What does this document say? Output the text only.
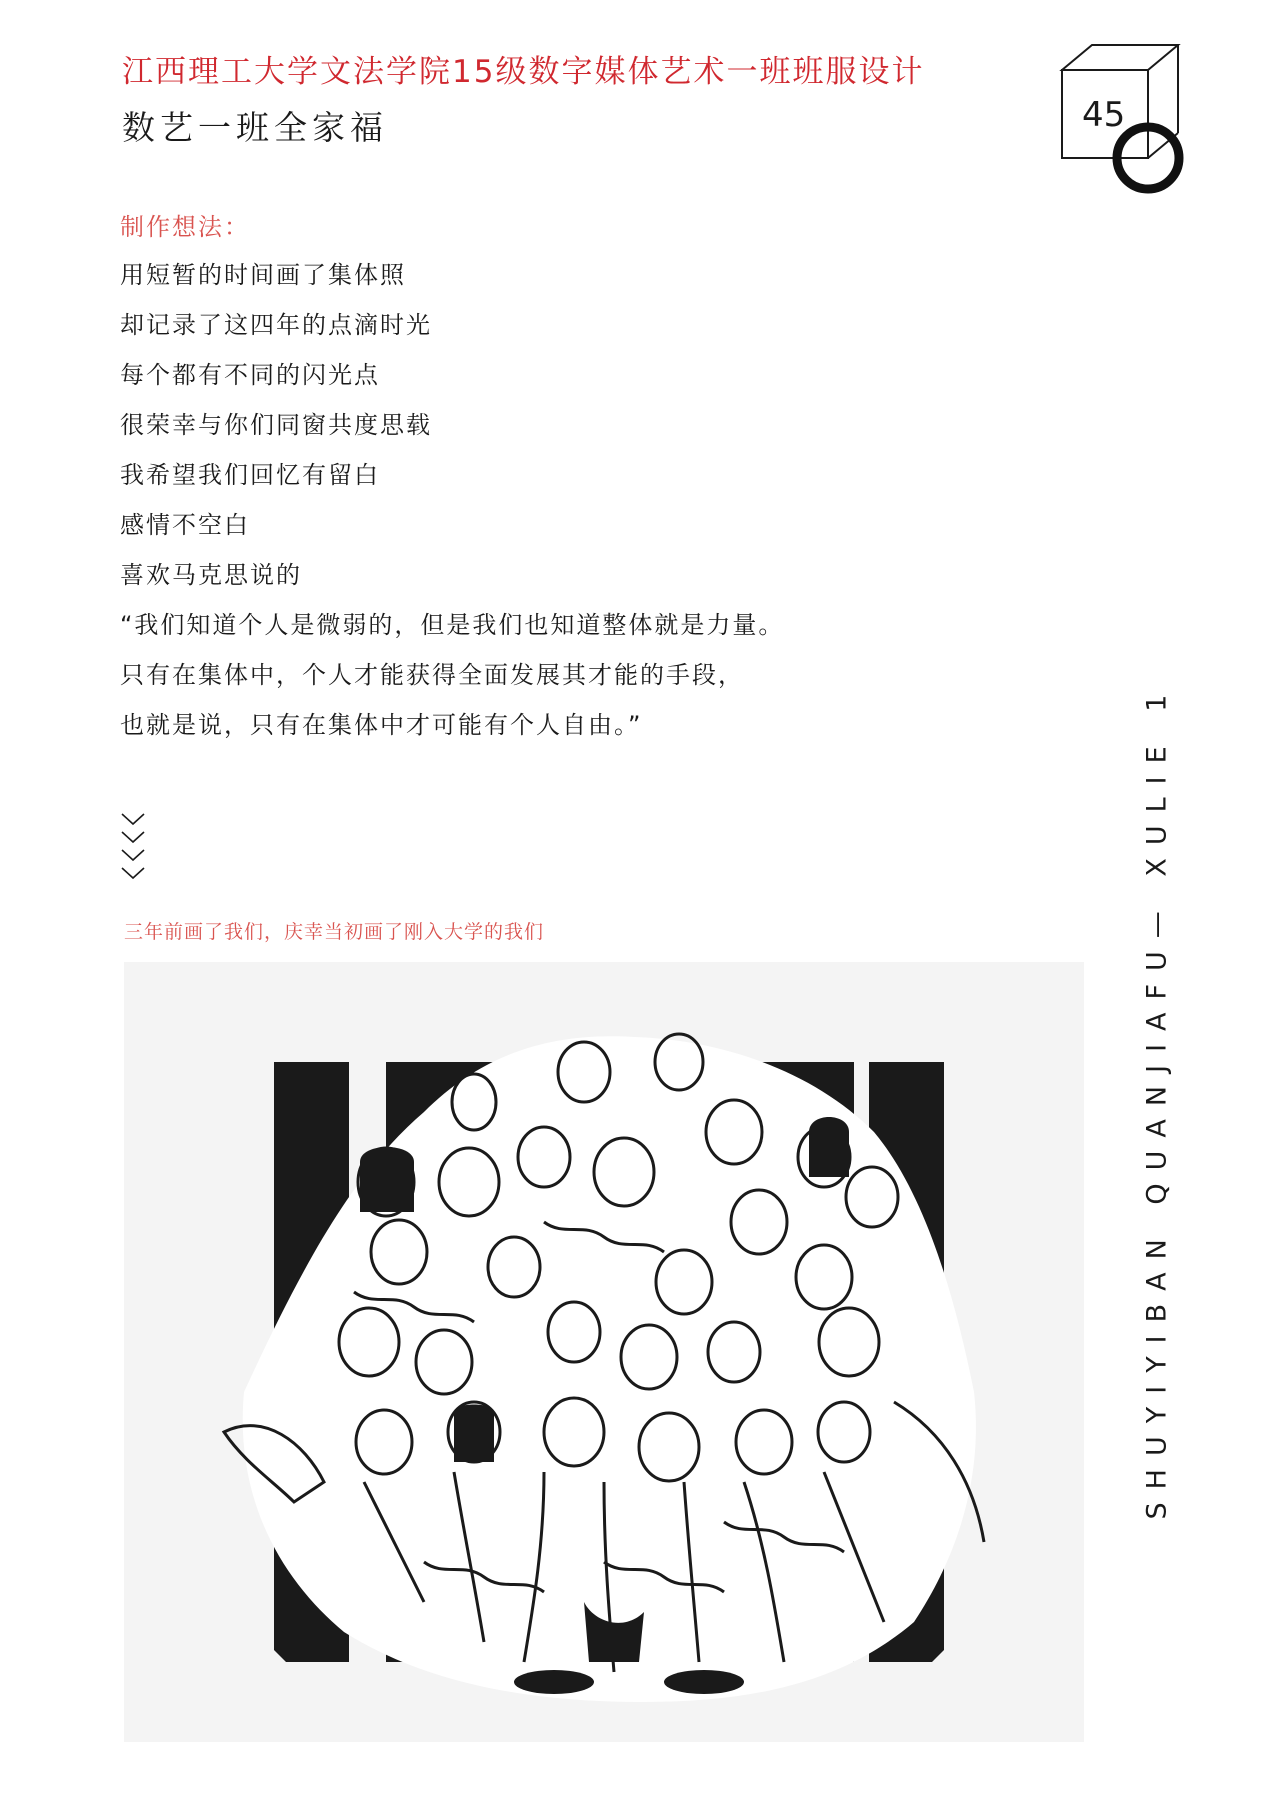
江西理工大学文法学院15级数字媒体艺术一班班服设计
数艺一班全家福	45
制作想法：
用短暂的时间画了集体照
却记录了这四年的点滴时光
每个都有不同的闪光点
很荣幸与你们同窗共度思载
我希望我们回忆有留白
感情不空白
喜欢马克思说的
“我们知道个人是微弱的，但是我们也知道整体就是力量。
只有在集体中，个人才能获得全面发展其才能的手段，
也就是说，只有在集体中才可能有个人自由。”
三年前画了我们，庆幸当初画了刚入大学的我们	SHUYIYIBAN QUANJIAFU— XULIE 1
